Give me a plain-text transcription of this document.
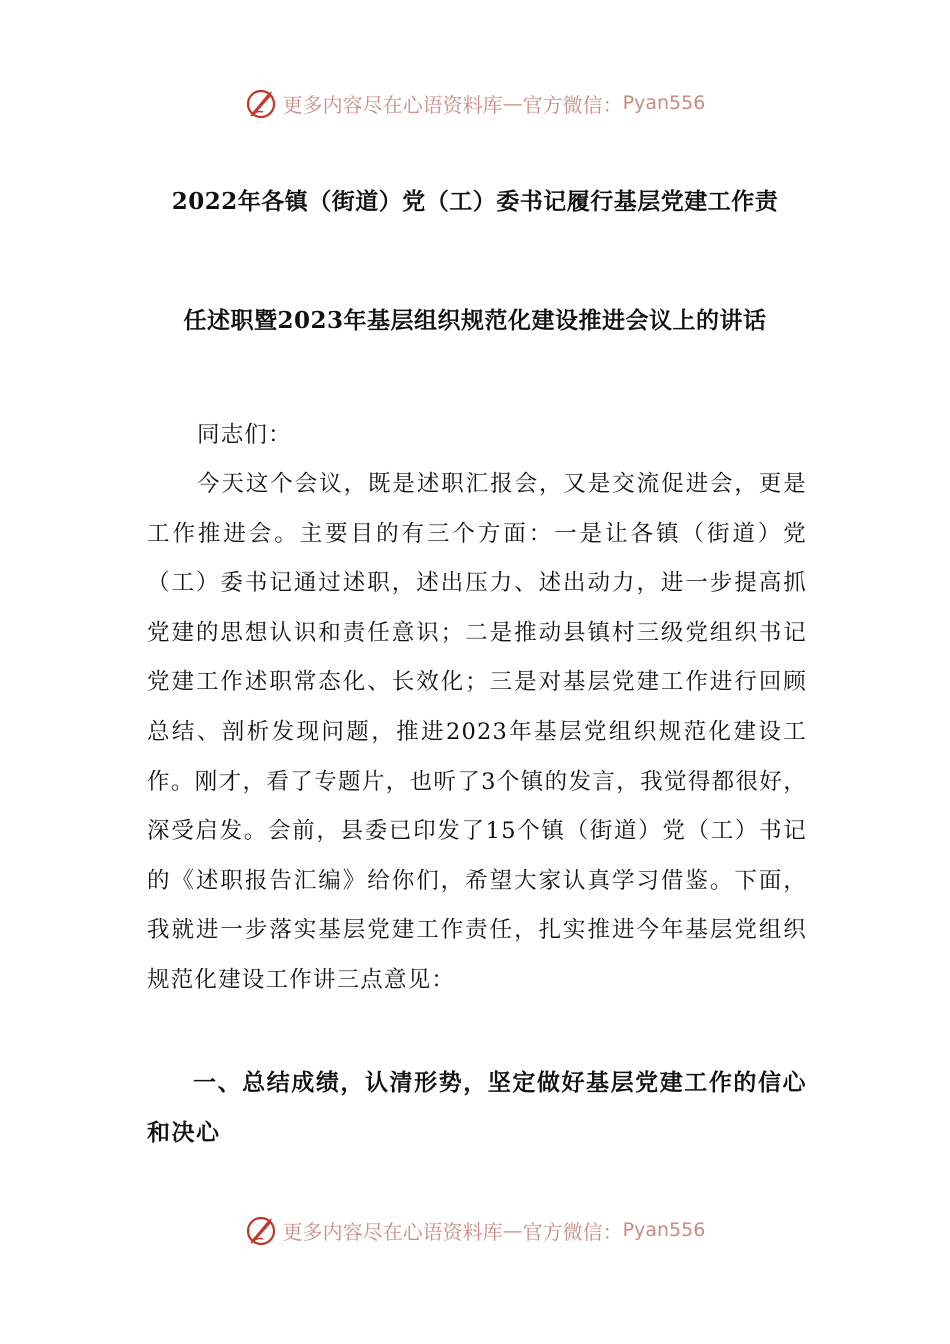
更多内容尽在心语资料库 — 官方微信： Pyan556
2022年各镇（街道）党（工）委书记履行基层党建工作责
任述职暨2023年基层组织规范化建设推进会议上的讲话

同志们：

今天这个会议，既是述职汇报会，又是交流促进会，更是工作推进会。主要目的有三个方面：一是让各镇（街道）党（工）委书记通过述职，述出压力、述出动力，进一步提高抓党建的思想认识和责任意识；二是推动县镇村三级党组织书记党建工作述职常态化、长效化；三是对基层党建工作进行回顾总结、剖析发现问题，推进2023年基层党组织规范化建设工作。刚才，看了专题片，也听了3个镇的发言，我觉得都很好，深受启发。会前，县委已印发了15个镇（街道）党（工）书记的《述职报告汇编》给你们，希望大家认真学习借鉴。下面，我就进一步落实基层党建工作责任，扎实推进今年基层党组织规范化建设工作讲三点意见：

一、总结成绩，认清形势，坚定做好基层党建工作的信心和决心
更多内容尽在心语资料库 — 官方微信： Pyan556
